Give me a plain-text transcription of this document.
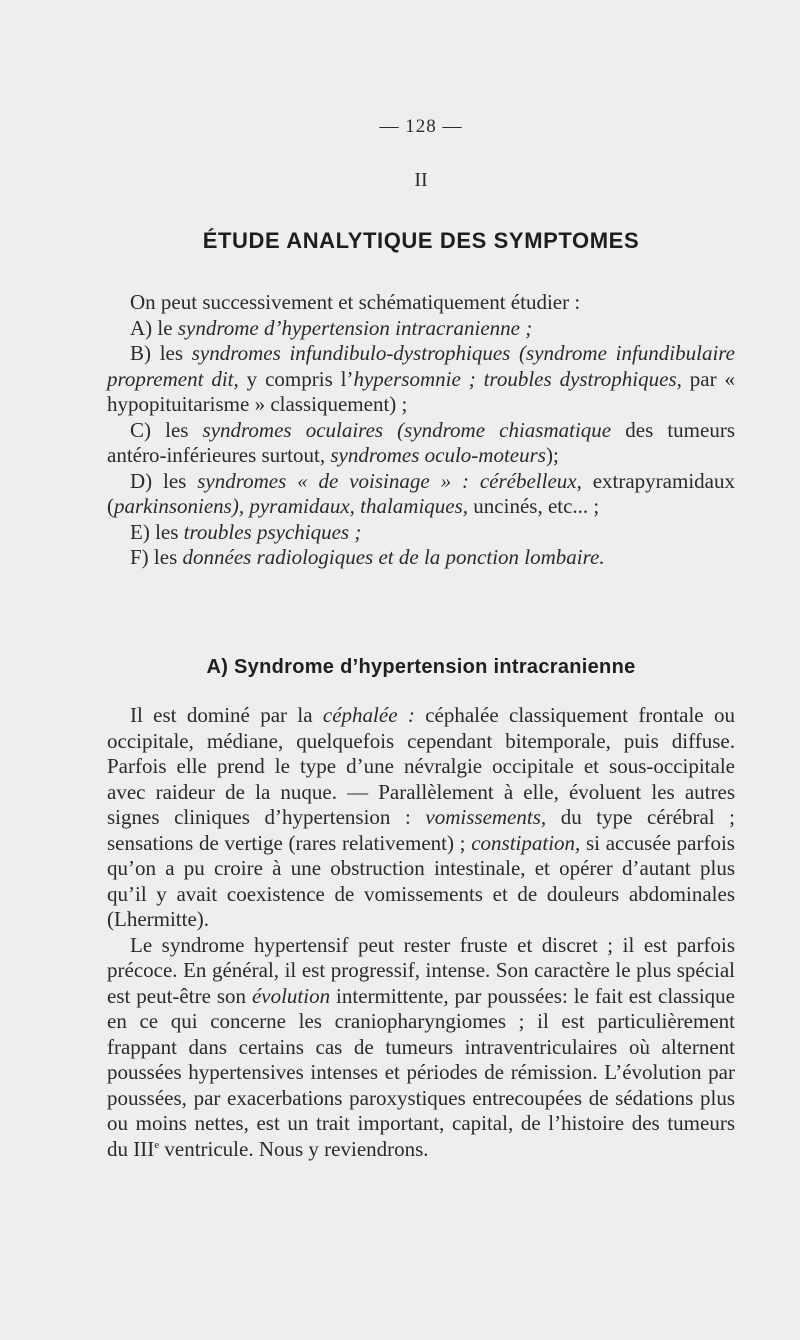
— 128 —
II
ÉTUDE ANALYTIQUE DES SYMPTOMES

On peut successivement et schématiquement étudier :

A) le syndrome d’hypertension intracranienne ;

B) les syndromes infundibulo-dystrophiques (syndrome infundibulaire proprement dit, y compris l’hypersomnie ; troubles dystrophiques, par « hypopituitarisme » classiquement) ;

C) les syndromes oculaires (syndrome chiasmatique des tumeurs antéro-inférieures surtout, syndromes oculo-moteurs);

D) les syndromes « de voisinage » : cérébelleux, extrapyramidaux (parkinsoniens), pyramidaux, thalamiques, uncinés, etc... ;

E) les troubles psychiques ;

F) les données radiologiques et de la ponction lombaire.

A) Syndrome d’hypertension intracranienne

Il est dominé par la céphalée : céphalée classiquement frontale ou occipitale, médiane, quelquefois cependant bitemporale, puis diffuse. Parfois elle prend le type d’une névralgie occipitale et sous-occipitale avec raideur de la nuque. — Parallèlement à elle, évoluent les autres signes cliniques d’hypertension : vomissements, du type cérébral ; sensations de vertige (rares relativement) ; constipation, si accusée parfois qu’on a pu croire à une obstruction intestinale, et opérer d’autant plus qu’il y avait coexistence de vomissements et de douleurs abdominales (Lhermitte).

Le syndrome hypertensif peut rester fruste et discret ; il est parfois précoce. En général, il est progressif, intense. Son caractère le plus spécial est peut-être son évolution intermittente, par poussées: le fait est classique en ce qui concerne les craniopharyngiomes ; il est particulièrement frappant dans certains cas de tumeurs intraventriculaires où alternent poussées hypertensives intenses et périodes de rémission. L’évolution par poussées, par exacerbations paroxystiques entrecoupées de sédations plus ou moins nettes, est un trait important, capital, de l’histoire des tumeurs du IIIe ventricule. Nous y reviendrons.
